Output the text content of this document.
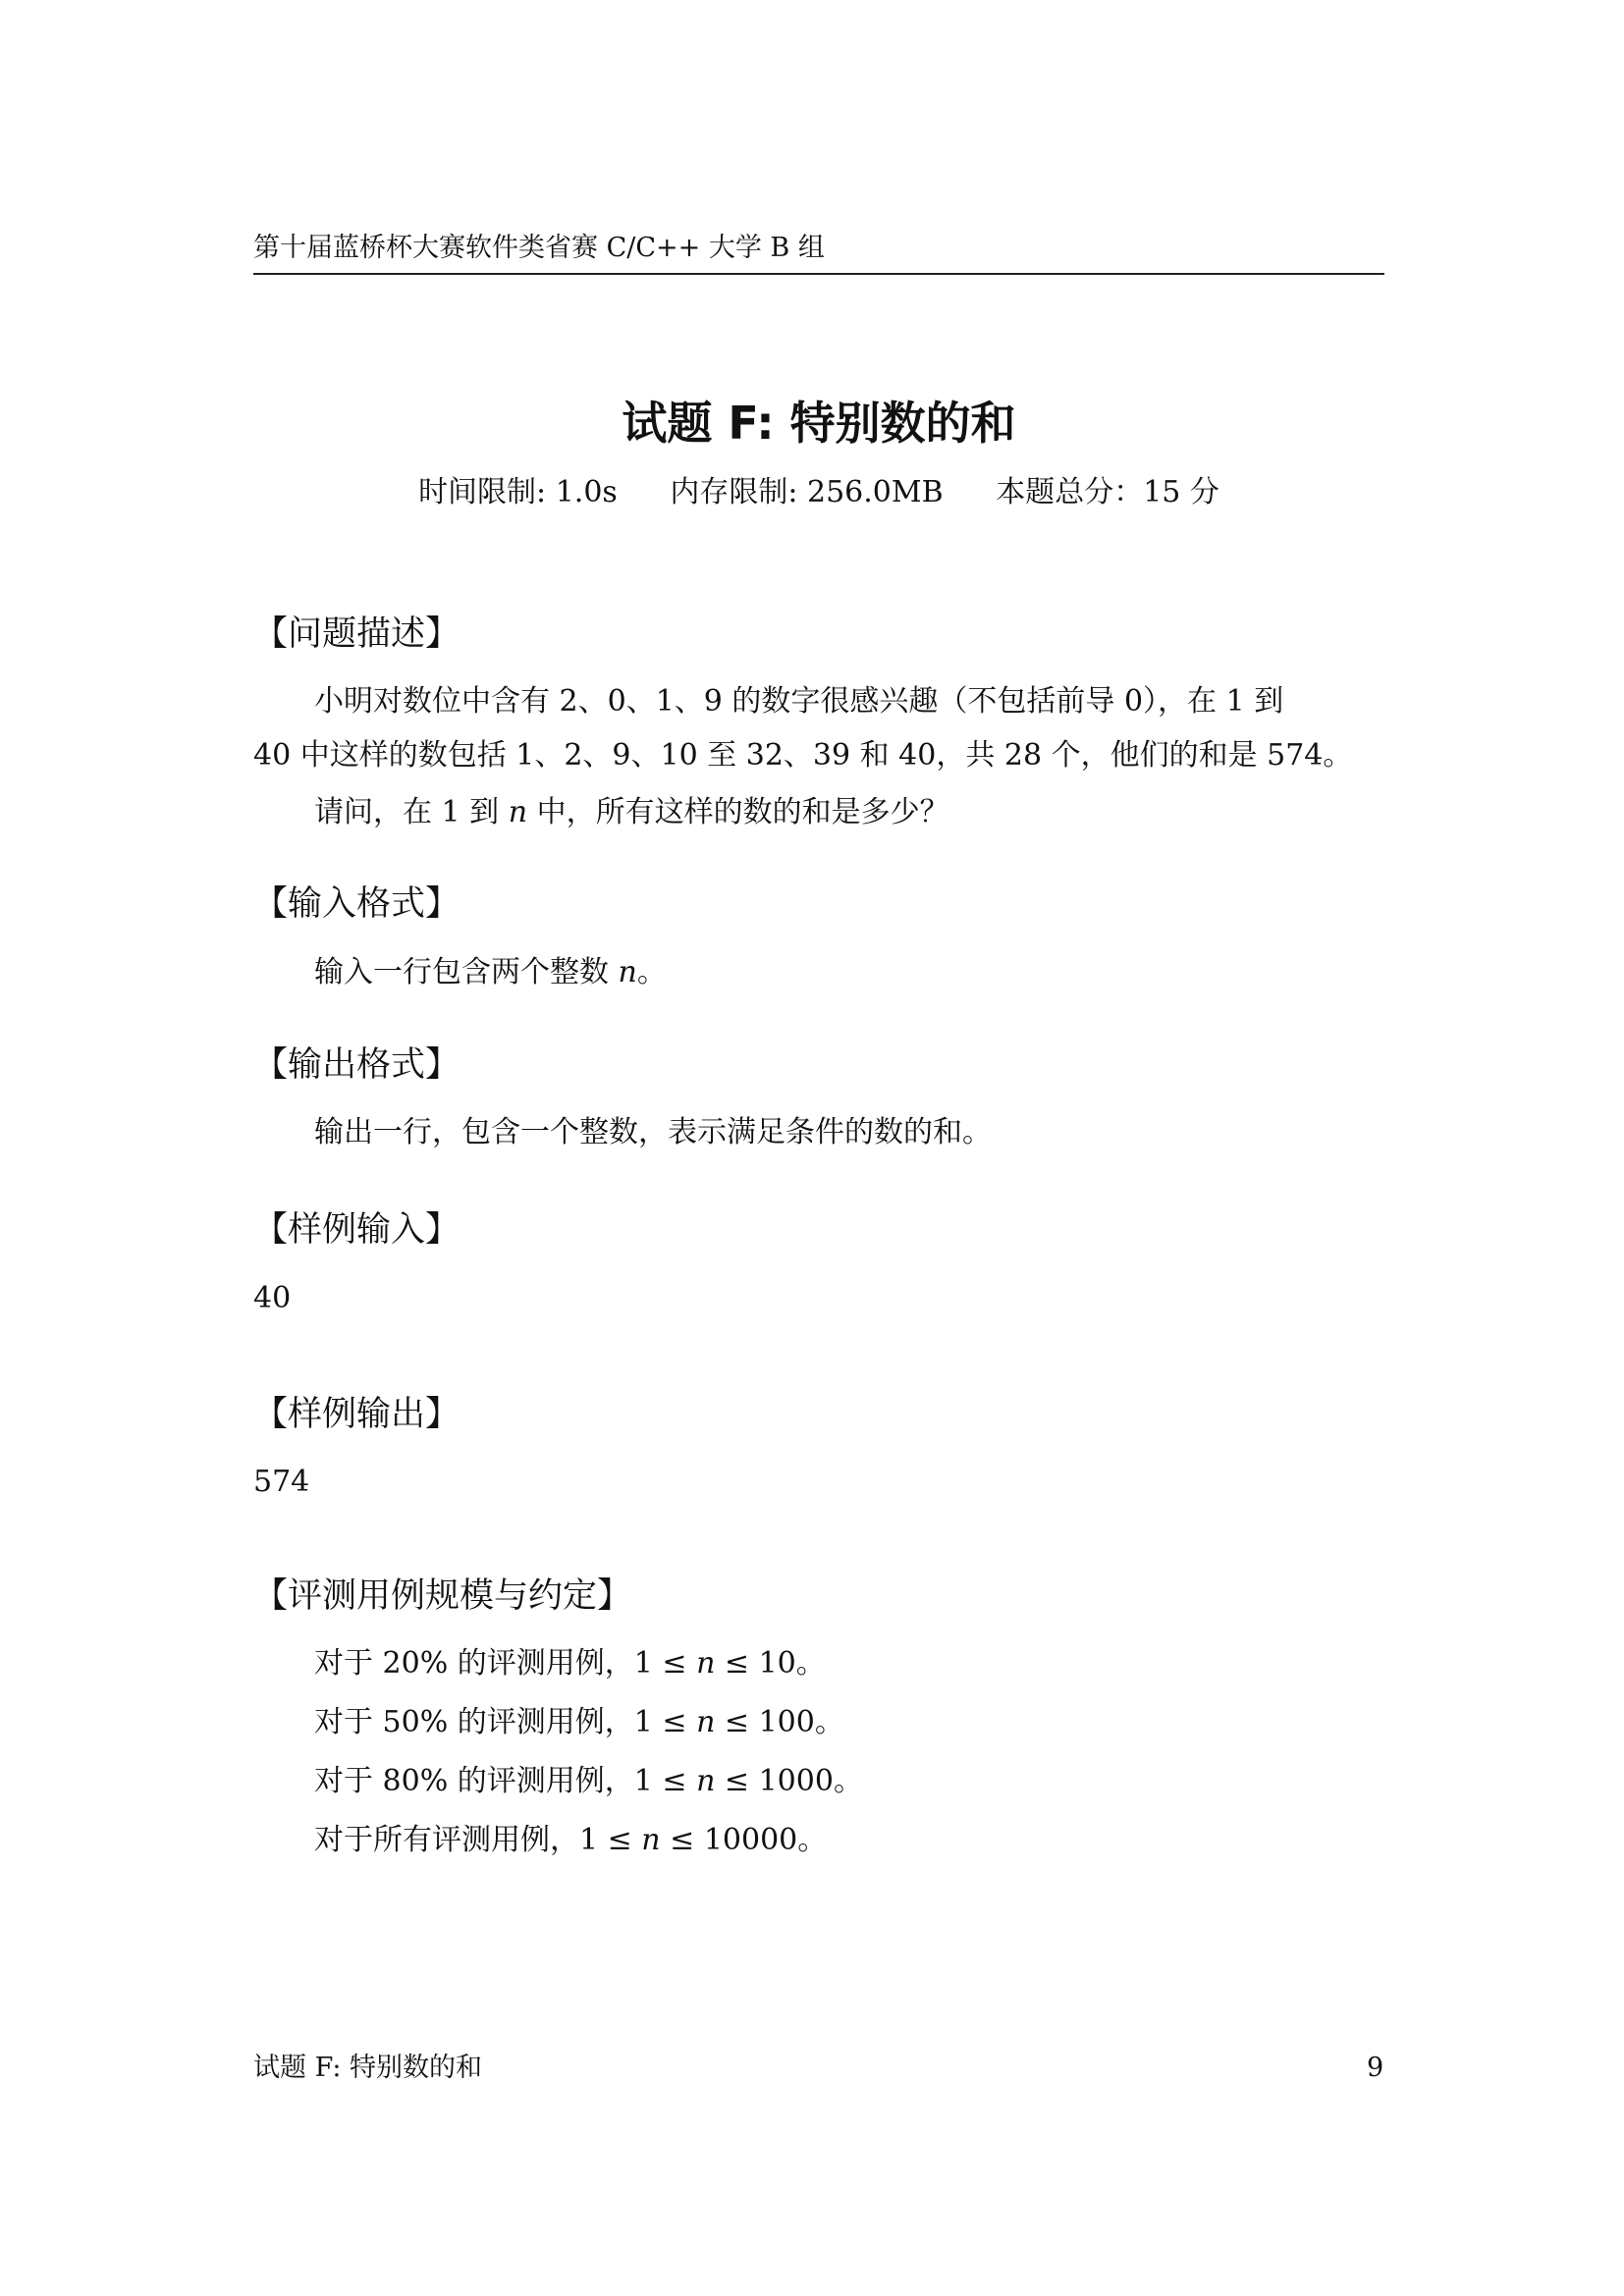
第十届蓝桥杯大赛软件类省赛 C/C++ 大学 B 组
试题 F: 特别数的和
时间限制: 1.0s 内存限制: 256.0MB 本题总分：15 分
【问题描述】
小明对数位中含有 2、0、1、9 的数字很感兴趣（不包括前导 0），在 1 到
40 中这样的数包括 1、2、9、10 至 32、39 和 40，共 28 个，他们的和是 574。
请问，在 1 到 n 中，所有这样的数的和是多少？
【输入格式】
输入一行包含两个整数 n。
【输出格式】
输出一行，包含一个整数，表示满足条件的数的和。
【样例输入】
40
【样例输出】
574
【评测用例规模与约定】
对于 20% 的评测用例，1 ≤ n ≤ 10。
对于 50% 的评测用例，1 ≤ n ≤ 100。
对于 80% 的评测用例，1 ≤ n ≤ 1000。
对于所有评测用例，1 ≤ n ≤ 10000。
试题 F: 特别数的和	9
